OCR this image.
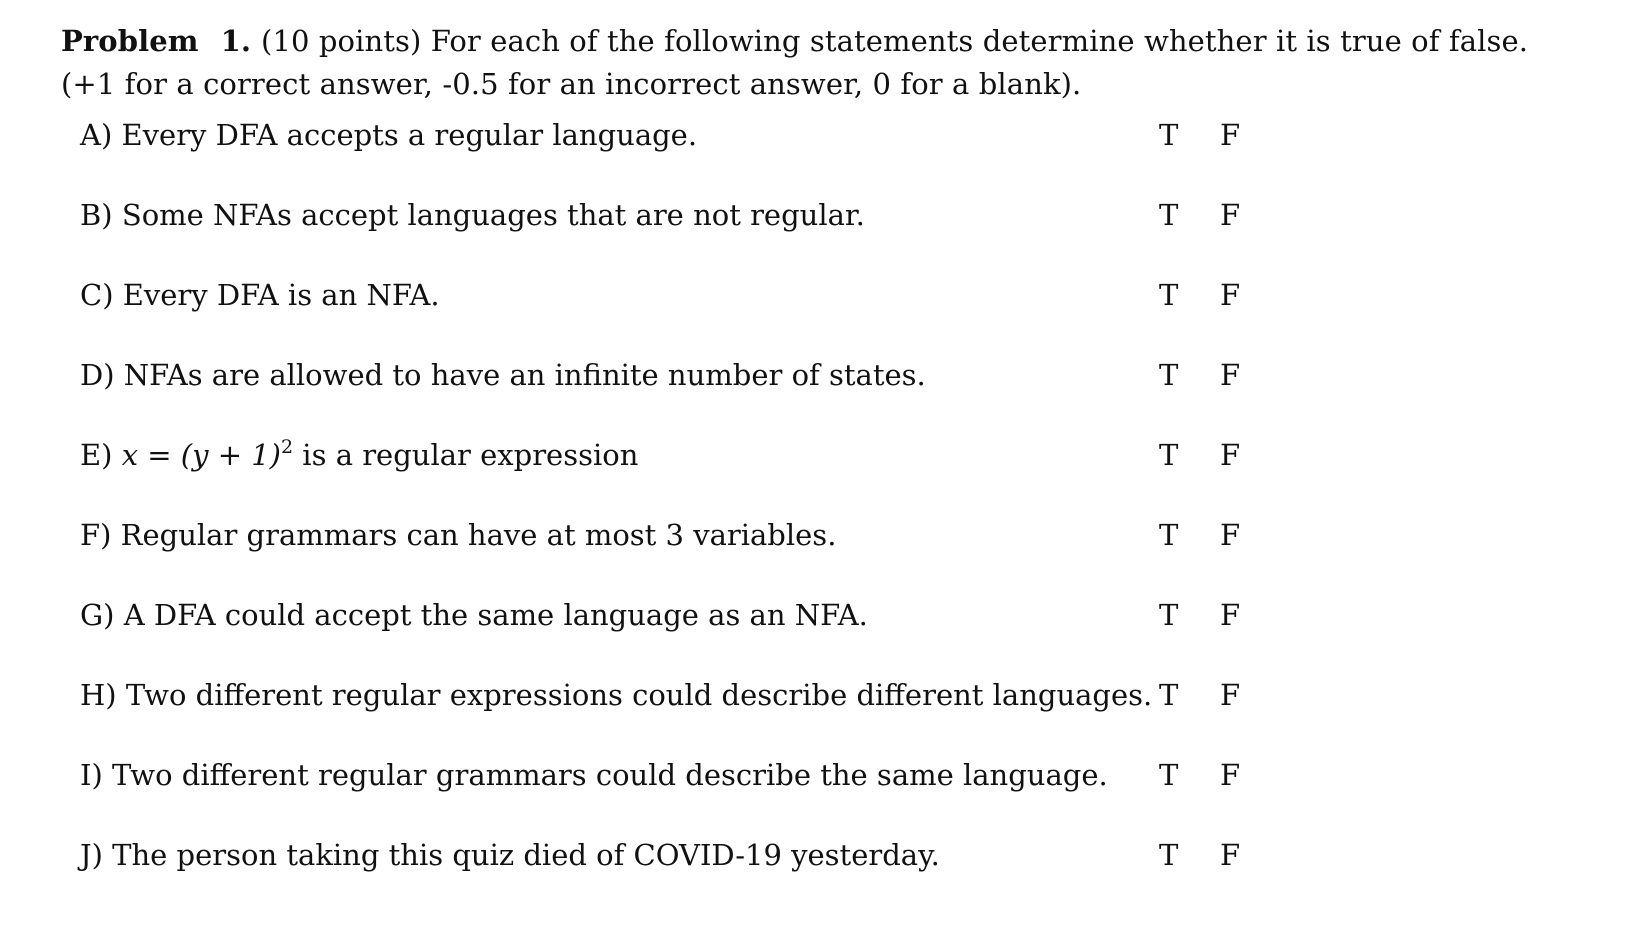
Problem 1. (10 points) For each of the following statements determine whether it is true of false.
(+1 for a correct answer, -0.5 for an incorrect answer, 0 for a blank).
A) Every DFA accepts a regular language.	T F
B) Some NFAs accept languages that are not regular.	T F
C) Every DFA is an NFA.	T F
D) NFAs are allowed to have an infinite number of states.	T F
E) $x = (y + 1)^2$ is a regular expression	T F
F) Regular grammars can have at most 3 variables.	T F
G) A DFA could accept the same language as an NFA.	T F
H) Two different regular expressions could describe different languages. T F
I) Two different regular grammars could describe the same language. T F
J) The person taking this quiz died of COVID-19 yesterday.	T F
